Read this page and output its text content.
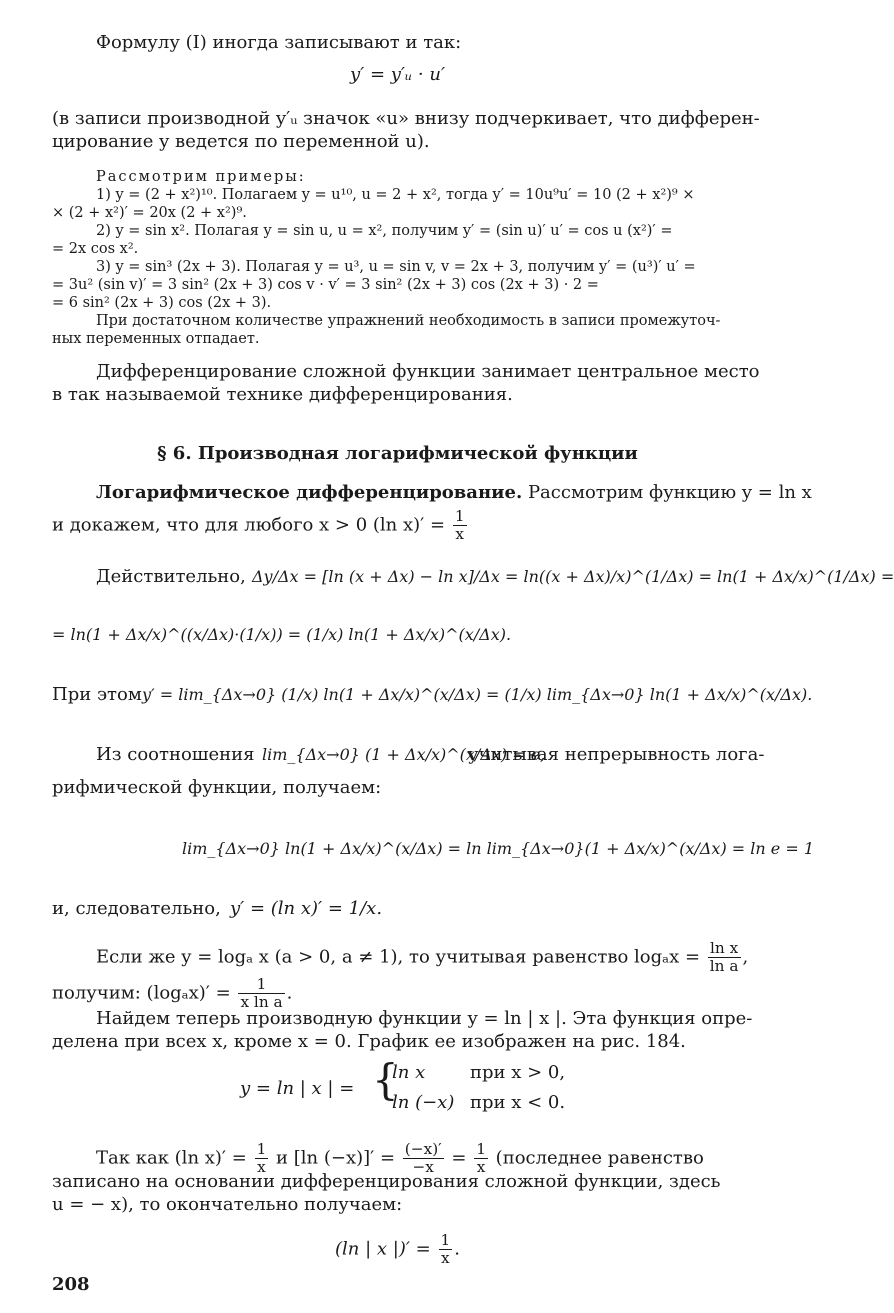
Формулу (I) иногда записывают и так:
y′ = y′ᵤ · u′
(в записи производной y′ᵤ значок «u» внизу подчеркивает, что дифферен-
цирование y ведется по переменной u).
Рассмотрим примеры:
1) y = (2 + x²)¹⁰. Полагаем y = u¹⁰, u = 2 + x², тогда y′ = 10u⁹u′ = 10 (2 + x²)⁹ ×
× (2 + x²)′ = 20x (2 + x²)⁹.
2) y = sin x². Полагая y = sin u, u = x², получим y′ = (sin u)′ u′ = cos u (x²)′ =
= 2x cos x².
3) y = sin³ (2x + 3). Полагая y = u³, u = sin v, v = 2x + 3, получим y′ = (u³)′ u′ =
= 3u² (sin v)′ = 3 sin² (2x + 3) cos v · v′ = 3 sin² (2x + 3) cos (2x + 3) · 2 =
= 6 sin² (2x + 3) cos (2x + 3).
При достаточном количестве упражнений необходимость в записи промежуточ-
ных переменных отпадает.
Дифференцирование сложной функции занимает центральное место
в так называемой технике дифференцирования.
§ 6. Производная логарифмической функции
Логарифмическое дифференцирование. Рассмотрим функцию y = ln x
и докажем, что для любого x > 0 (ln $x)' = \frac{1}{x}$
Действительно, Δy/Δx = [ln (x + Δx) − ln x]/Δx = ln((x + Δx)/x)^(1/Δx) = ln(1 + Δx/x)^(1/Δx) =
= ln(1 + Δx/x)^((x/Δx)·(1/x)) = (1/x) ln(1 + Δx/x)^(x/Δx).
При этом y′ = lim_{Δx→0} (1/x) ln(1 + Δx/x)^(x/Δx) = (1/x) lim_{Δx→0} ln(1 + Δx/x)^(x/Δx).
Из соотношения lim_{Δx→0} (1 + Δx/x)^(x/Δx) = e,
учитывая непрерывность лога-
рифмической функции, получаем:
lim_{Δx→0} ln(1 + Δx/x)^(x/Δx) = ln lim_{Δx→0}(1 + Δx/x)^(x/Δx) = ln e = 1
и, следовательно, y′ = (ln x)′ = 1/x.
Если же y = logₐ x (a > 0, a ≠ 1), то учитывая равенство $\log_ax = \frac{\text{ln x}}{\text{ln a}}$ ,
получим: $(\log_ax)' = \frac{1}{\text{x ln a}}$ .
Найдем теперь производную функции y = ln | x |. Эта функция опре-
делена при всех x, кроме x = 0. График ее изображен на рис. 184.
y = ln | x | = {
ln x при x > 0,
ln (−x) при x < 0.
Так как (ln $x)' = \frac{1}{x}$ и [ln $(-x)]' = \frac{(-x)'}{-x} = \frac{1}{x}$ (последнее равенство
записано на основании дифференцирования сложной функции, здесь
u = − x), то окончательно получаем:
(ln | x |)′ = $\frac{1}{x}$ .
208
